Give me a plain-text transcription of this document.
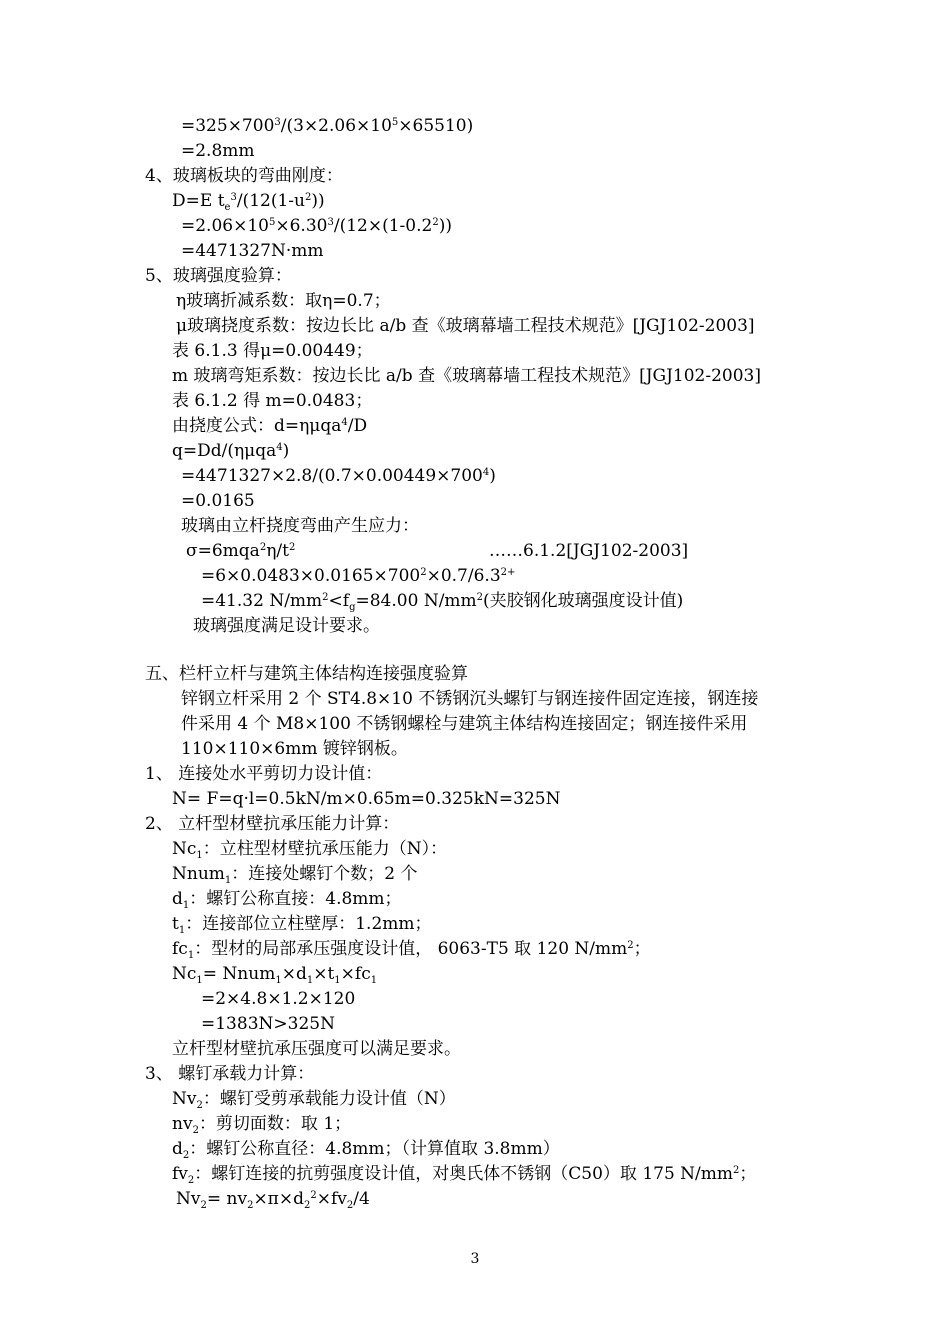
$=325\times 700^3/(3\times 2.06\times 10^5\times 65510)$
=2.8mm
4、玻璃板块的弯曲刚度：
D=E $t_e^3/(12(1-u^2))$
$=2.06\times 10^5\times 6.30^3/(12\times(1-0.2^2))$
=4471327N·mm
5、玻璃强度验算：
η玻璃折减系数：取η=0.7；
μ玻璃挠度系数：按边长比 a/b 查《玻璃幕墙工程技术规范》[JGJ102-2003]
表 6.1.3 得μ=0.00449；
m 玻璃弯矩系数：按边长比 a/b 查《玻璃幕墙工程技术规范》[JGJ102-2003]
表 6.1.2 得 m=0.0483；
由挠度公式：d=ημqa$^4$/D
q=Dd/(ημqa$^4$)
$=4471327\times 2.8/(0.7\times 0.00449\times 700^4)$
=0.0165
玻璃由立杆挠度弯曲产生应力：
$\sigma=6mqa^2\eta/t^2$	……6.1.2[JGJ102-2003]
$=6\times 0.0483\times 0.0165\times 700^2\times 0.7/6.3^{2+}$
=41.32 $N/mm^2<f_g=84.00$ $N/mm^2$(夹胶钢化玻璃强度设计值)
玻璃强度满足设计要求。
五、栏杆立杆与建筑主体结构连接强度验算
锌钢立杆采用 2 个 ST4.8×10 不锈钢沉头螺钉与钢连接件固定连接，钢连接
件采用 4 个 M8×100 不锈钢螺栓与建筑主体结构连接固定；钢连接件采用
110×110×6mm 镀锌钢板。
1、 连接处水平剪切力设计值：
N= F=q·l=0.5kN/m×0.65m=0.325kN=325N
2、 立杆型材壁抗承压能力计算：
$Nc_1$：立柱型材壁抗承压能力（N）：
Nnum$_1$：连接处螺钉个数；2 个
$d_1$：螺钉公称直接：4.8mm；
$t_1$：连接部位立柱壁厚：1.2mm；
$fc_1$：型材的局部承压强度设计值， 6063-T5 取 120 $N/mm^2$；
$Nc_1=$ $Nnum_1\times d_1\times t_1\times fc_1$
=2×4.8×1.2×120
=1383N>325N
立杆型材壁抗承压强度可以满足要求。
3、 螺钉承载力计算：
$Nv_2$：螺钉受剪承载能力设计值（N）
$nv_2$：剪切面数：取 1；
$d_2$：螺钉公称直径：4.8mm；（计算值取 3.8mm）
$fv_2$：螺钉连接的抗剪强度设计值，对奥氏体不锈钢（C50）取 175 $N/mm^2$；
$Nv_2= nv_2\times\pi\times d_2^2\times fv_2/4$
3
